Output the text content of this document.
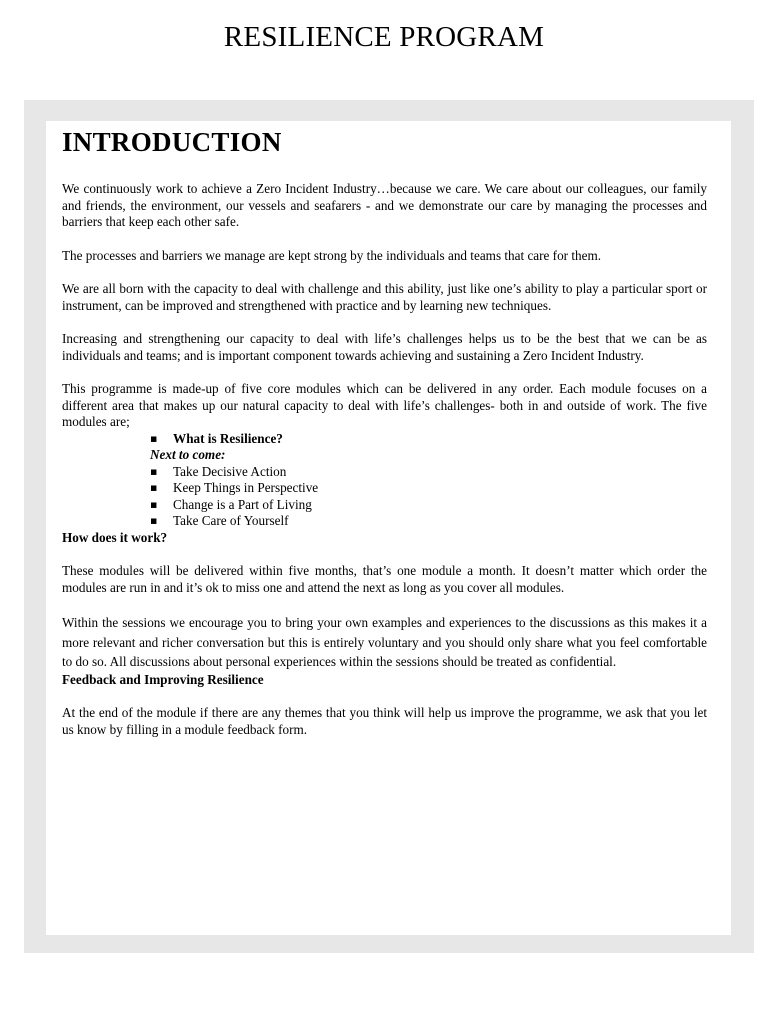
RESILIENCE PROGRAM
INTRODUCTION

We continuously work to achieve a Zero Incident Industry…because we care. We care about our colleagues, our family and friends, the environment, our vessels and seafarers - and we demonstrate our care by managing the processes and barriers that keep each other safe.

The processes and barriers we manage are kept strong by the individuals and teams that care for them.

We are all born with the capacity to deal with challenge and this ability, just like one’s ability to play a particular sport or instrument, can be improved and strengthened with practice and by learning new techniques.

Increasing and strengthening our capacity to deal with life’s challenges helps us to be the best that we can be as individuals and teams; and is important component towards achieving and sustaining a Zero Incident Industry.

This programme is made-up of five core modules which can be delivered in any order. Each module focuses on a different area that makes up our natural capacity to deal with life’s challenges- both in and outside of work. The five modules are;

▪ What is Resilience?

Next to come:

▪ Take Decisive Action
▪ Keep Things in Perspective
▪ Change is a Part of Living
▪ Take Care of Yourself

How does it work?

These modules will be delivered within five months, that’s one module a month. It doesn’t matter which order the modules are run in and it’s ok to miss one and attend the next as long as you cover all modules.

Within the sessions we encourage you to bring your own examples and experiences to the discussions as this makes it a more relevant and richer conversation but this is entirely voluntary and you should only share what you feel comfortable to do so. All discussions about personal experiences within the sessions should be treated as confidential.

Feedback and Improving Resilience

At the end of the module if there are any themes that you think will help us improve the programme, we ask that you let us know by filling in a module feedback form.
